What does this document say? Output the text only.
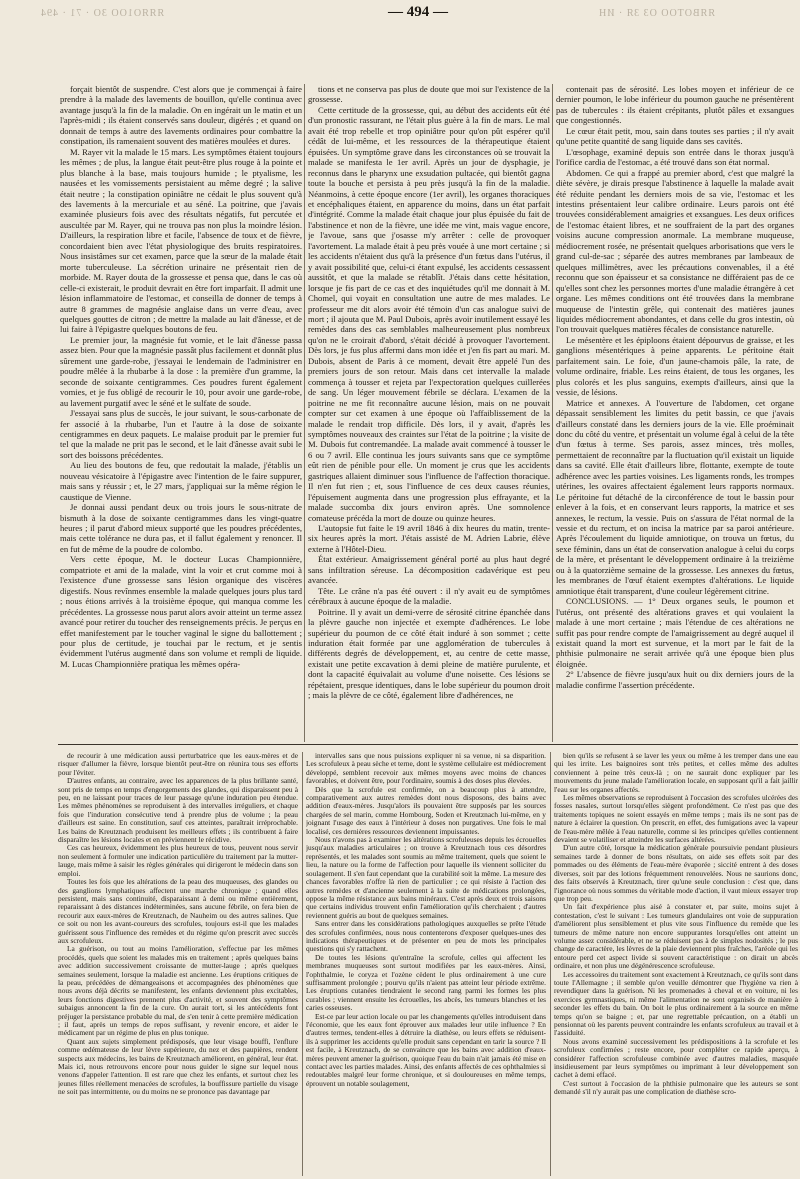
ЯЯЯО1ОО ЗО · 71 · 494	— 494 —	ЯЯВОТОО ОЗ ЗЯ · ИН

forçait bientôt de suspendre. C'est alors que je commençai à faire prendre à la malade des lavements de bouillon, qu'elle continua avec avantage jusqu'à la fin de la maladie. On en ingérait un le matin et un l'après-midi ; ils étaient conservés sans douleur, digérés ; et quand on donnait de temps à autre des lavements ordinaires pour combattre la constipation, ils ramenaient souvent des matières moulées et dures.

M. Rayer vit la malade le 15 mars. Les symptômes étaient toujours les mêmes ; de plus, la langue était peut-être plus rouge à la pointe et plus blanche à la base, mais toujours humide ; le ptyalisme, les nausées et les vomissements persistaient au même degré ; la salive était neutre ; la constipation opiniâtre ne cédait le plus souvent qu'à des lavements à la mercuriale et au séné. La poitrine, que j'avais examinée plusieurs fois avec des résultats négatifs, fut percutée et auscultée par M. Rayer, qui ne trouva pas non plus la moindre lésion. D'ailleurs, la respiration libre et facile, l'absence de toux et de fièvre, concordaient bien avec l'état physiologique des bruits respiratoires. Nous insistâmes sur cet examen, parce que la sœur de la malade était morte tuberculeuse. La sécrétion urinaire ne présentait rien de morbide. M. Rayer douta de la grossesse et pensa que, dans le cas où celle-ci existerait, le produit devrait en être fort imparfait. Il admit une lésion inflammatoire de l'estomac, et conseilla de donner de temps à autre 8 grammes de magnésie anglaise dans un verre d'eau, avec quelques gouttes de citron ; de mettre la malade au lait d'ânesse, et de lui faire à l'épigastre quelques boutons de feu.

Le premier jour, la magnésie fut vomie, et le lait d'ânesse passa assez bien. Pour que la magnésie passât plus facilement et donnât plus sûrement une garde-robe, j'essayai le lendemain de l'administrer en poudre mêlée à la rhubarbe à la dose : la première d'un gramme, la seconde de soixante centigrammes. Ces poudres furent également vomies, et je fus obligé de recourir le 10, pour avoir une garde-robe, au lavement purgatif avec le séné et le sulfate de soude.

J'essayai sans plus de succès, le jour suivant, le sous-carbonate de fer associé à la rhubarbe, l'un et l'autre à la dose de soixante centigrammes en deux paquets. Le malaise produit par le premier fut tel que la malade ne prit pas le second, et le lait d'ânesse avait subi le sort des boissons précédentes.

Au lieu des boutons de feu, que redoutait la malade, j'établis un nouveau vésicatoire à l'épigastre avec l'intention de le faire suppurer, mais sans y réussir ; et, le 27 mars, j'appliquai sur la même région le caustique de Vienne.

Je donnai aussi pendant deux ou trois jours le sous-nitrate de bismuth à la dose de soixante centigrammes dans les vingt-quatre heures ; il parut d'abord mieux supporté que les poudres précédentes, mais cette tolérance ne dura pas, et il fallut également y renoncer. Il en fut de même de la poudre de colombo.

Vers cette époque, M. le docteur Lucas Championnière, compatriote et ami de la malade, vint la voir et crut comme moi à l'existence d'une grossesse sans lésion organique des viscères digestifs. Nous revînmes ensemble la malade quelques jours plus tard ; nous étions arrivés à la troisième époque, qui manqua comme les précédentes. La grossesse nous parut alors avoir atteint un terme assez avancé pour retirer du toucher des renseignements précis. Je perçus en effet manifestement par le toucher vaginal le signe du ballottement ; pour plus de certitude, je touchai par le rectum, et je sentis évidemment l'utérus augmenté dans son volume et rempli de liquide. M. Lucas Championnière pratiqua les mêmes opéra-

tions et ne conserva pas plus de doute que moi sur l'existence de la grossesse.

Cette certitude de la grossesse, qui, au début des accidents eût été d'un pronostic rassurant, ne l'était plus guère à la fin de mars. Le mal avait été trop rebelle et trop opiniâtre pour qu'on pût espérer qu'il cédât de lui-même, et les ressources de la thérapeutique étaient épuisées. Un symptôme grave dans les circonstances où se trouvait la malade se manifesta le 1er avril. Après un jour de dysphagie, je reconnus dans le pharynx une exsudation pultacée, qui bientôt gagna toute la bouche et persista à peu près jusqu'à la fin de la maladie. Néanmoins, à cette époque encore (1er avril), les organes thoraciques et encéphaliques étaient, en apparence du moins, dans un état parfait d'intégrité. Comme la malade était chaque jour plus épuisée du fait de l'abstinence et non de la fièvre, une idée me vint, mais vague encore, je l'avoue, sans que j'osasse m'y arrêter : celle de provoquer l'avortement. La malade était à peu près vouée à une mort certaine ; si les accidents n'étaient dus qu'à la présence d'un fœtus dans l'utérus, il y avait possibilité que, celui-ci étant expulsé, les accidents cessassent aussitôt, et que la malade se rétablît. J'étais dans cette hésitation, lorsque je fis part de ce cas et des inquiétudes qu'il me donnait à M. Chomel, qui voyait en consultation une autre de mes malades. Le professeur me dit alors avoir été témoin d'un cas analogue suivi de mort ; il ajouta que M. Paul Dubois, après avoir inutilement essayé les remèdes dans des cas semblables malheureusement plus nombreux qu'on ne le croirait d'abord, s'était décidé à provoquer l'avortement. Dès lors, je fus plus affermi dans mon idée et j'en fis part au mari. M. Dubois, absent de Paris à ce moment, devait être appelé l'un des premiers jours de son retour. Mais dans cet intervalle la malade commença à tousser et rejeta par l'expectoration quelques cuillerées de sang. Un léger mouvement fébrile se déclara. L'examen de la poitrine ne me fit reconnaître aucune lésion, mais on ne pouvait compter sur cet examen à une époque où l'affaiblissement de la malade le rendait trop difficile. Dès lors, il y avait, d'après les symptômes nouveaux des craintes sur l'état de la poitrine ; la visite de M. Dubois fut contremandée. La malade avait commencé à tousser le 6 ou 7 avril. Elle continua les jours suivants sans que ce symptôme eût rien de pénible pour elle. Un moment je crus que les accidents gastriques allaient diminuer sous l'influence de l'affection thoracique. Il n'en fut rien ; et, sous l'influence de ces deux causes réunies, l'épuisement augmenta dans une progression plus effrayante, et la malade succomba dix jours environ après. Une somnolence comateuse précéda la mort de douze ou quinze heures.

L'autopsie fut faite le 19 avril 1846 à dix heures du matin, trente-six heures après la mort. J'étais assisté de M. Adrien Labrie, élève externe à l'Hôtel-Dieu.

État extérieur. Amaigrissement général porté au plus haut degré sans infiltration séreuse. La décomposition cadavérique est peu avancée.

Tête. Le crâne n'a pas été ouvert : il n'y avait eu de symptômes cérébraux à aucune époque de la maladie.

Poitrine. Il y avait un demi-verre de sérosité citrine épanchée dans la plèvre gauche non injectée et exempte d'adhérences. Le lobe supérieur du poumon de ce côté était induré à son sommet ; cette induration était formée par une agglomération de tubercules à différents degrés de développement, et, au centre de cette masse, existait une petite excavation à demi pleine de matière purulente, et dont la capacité équivalait au volume d'une noisette. Ces lésions se répétaient, presque identiques, dans le lobe supérieur du poumon droit ; mais la plèvre de ce côté, également libre d'adhérences, ne

contenait pas de sérosité. Les lobes moyen et inférieur de ce dernier poumon, le lobe inférieur du poumon gauche ne présentèrent pas de tubercules : ils étaient crépitants, plutôt pâles et exsangues que congestionnés.

Le cœur était petit, mou, sain dans toutes ses parties ; il n'y avait qu'une petite quantité de sang liquide dans ses cavités.

L'œsophage, examiné depuis son entrée dans le thorax jusqu'à l'orifice cardia de l'estomac, a été trouvé dans son état normal.

Abdomen. Ce qui a frappé au premier abord, c'est que malgré la diète sévère, je dirais presque l'abstinence à laquelle la malade avait été réduite pendant les derniers mois de sa vie, l'estomac et les intestins présentaient leur calibre ordinaire. Leurs parois ont été trouvées considérablement amaigries et exsangues. Les deux orifices de l'estomac étaient libres, et ne souffraient de la part des organes voisins aucune compression anormale. La membrane muqueuse, médiocrement rosée, ne présentait quelques arborisations que vers le grand cul-de-sac ; séparée des autres membranes par lambeaux de quelques millimètres, avec les précautions convenables, il a été reconnu que son épaisseur et sa consistance ne différaient pas de ce qu'elles sont chez les personnes mortes d'une maladie étrangère à cet organe. Les mêmes conditions ont été trouvées dans la membrane muqueuse de l'intestin grêle, qui contenait des matières jaunes liquides médiocrement abondantes, et dans celle du gros intestin, où l'on trouvait quelques matières fécales de consistance naturelle.

Le mésentère et les épiploons étaient dépourvus de graisse, et les ganglions mésentériques à peine apparents. Le péritoine était parfaitement sain. Le foie, d'un jaune-chamois pâle, la rate, de volume ordinaire, friable. Les reins étaient, de tous les organes, les plus colorés et les plus sanguins, exempts d'ailleurs, ainsi que la vessie, de lésions.

Matrice et annexes. A l'ouverture de l'abdomen, cet organe dépassait sensiblement les limites du petit bassin, ce que j'avais d'ailleurs constaté dans les derniers jours de la vie. Elle proéminait donc du côté du ventre, et présentait un volume égal à celui de la tête d'un fœtus à terme. Ses parois, assez minces, très molles, permettaient de reconnaître par la fluctuation qu'il existait un liquide dans sa cavité. Elle était d'ailleurs libre, flottante, exempte de toute adhérence avec les parties voisines. Les ligaments ronds, les trompes utérines, les ovaires affectaient également leurs rapports normaux. Le péritoine fut détaché de la circonférence de tout le bassin pour enlever à la fois, et en conservant leurs rapports, la matrice et ses annexes, le rectum, la vessie. Puis on s'assura de l'état normal de la vessie et du rectum, et on incisa la matrice par sa paroi antérieure. Après l'écoulement du liquide amniotique, on trouva un fœtus, du sexe féminin, dans un état de conservation analogue à celui du corps de la mère, et présentant le développement ordinaire à la treizième ou à la quatorzième semaine de la grossesse. Les annexes du fœtus, les membranes de l'œuf étaient exemptes d'altérations. Le liquide amniotique était transparent, d'une couleur légèrement citrine.

CONCLUSIONS. — 1° Deux organes seuls, le poumon et l'utérus, ont présenté des altérations graves et qui voulaient la malade à une mort certaine ; mais l'étendue de ces altérations ne suffit pas pour rendre compte de l'amaigrissement au degré auquel il existait quand la mort est survenue, et la mort par le fait de la phthisie pulmonaire ne serait arrivée qu'à une époque bien plus éloignée.

2° L'absence de fièvre jusqu'aux huit ou dix derniers jours de la maladie confirme l'assertion précédente.

de recourir à une médication aussi perturbatrice que les eaux-mères et de risquer d'allumer la fièvre, lorsque bientôt peut-être on réunira tous ses efforts pour l'éviter.

D'autres enfants, au contraire, avec les apparences de la plus brillante santé, sont pris de temps en temps d'engorgements des glandes, qui disparaissent peu à peu, en ne laissant pour traces de leur passage qu'une induration peu étendue. Les mêmes phénomènes se reproduisent à des intervalles irréguliers, et chaque fois que l'induration consécutive tend à prendre plus de volume ; la peau d'ailleurs est saine. En constitution, sauf ces atteintes, paraîtrait irréprochable. Les bains de Kreutznach produisent les meilleurs effets ; ils contribuent à faire disparaître les lésions locales et en préviennent le récidive.

Ces cas heureux, évidemment les plus heureux de tous, peuvent nous servir non seulement à formuler une indication particulière du traitement par la mutter-lauge, mais même à saisir les règles générales qui dirigeront le médecin dans son emploi.

Toutes les fois que les altérations de la peau des muqueuses, des glandes ou des ganglions lymphatiques affectent une marche chronique ; quand elles persistent, mais sans continuité, disparaissant à demi ou même entièrement, reparaissant à des distances indéterminées, sans aucune fébrile, on fera bien de recourir aux eaux-mères de Kreutznach, de Nauheim ou des autres salines. Que ce soit ou non les avant-coureurs des scrofules, toujours est-il que les malades guérissent sous l'influence des remèdes et du régime qu'on prescrit avec succès aux scrofuleux.

La guérison, ou tout au moins l'amélioration, s'effectue par les mêmes procédés, quels que soient les malades mis en traitement ; après quelques bains avec addition successivement croissante de mutter-lauge ; après quelques semaines seulement, lorsque la maladie est ancienne. Les éruptions critiques de la peau, précédées de démangeaisons et accompagnées des phénomènes que nous avons déjà décrits se manifestent, les enfants deviennent plus excitables, leurs fonctions digestives prennent plus d'activité, et souvent des symptômes subaigus annoncent la fin de la cure. On aurait tort, si les antécédents font préjuger la persistance probable du mal, de s'en tenir à cette première médication ; il faut, après un temps de repos suffisant, y revenir encore, et aider le médicament par un régime de plus en plus tonique.

Quant aux sujets simplement prédisposés, que leur visage bouffi, l'enflure comme œdémateuse de leur lèvre supérieure, du nez et des paupières, rendent suspects aux médecins, les bains de Kreutznach améliorent, en général, leur état. Mais ici, nous retrouvons encore pour nous guider le signe sur lequel nous venons d'appeler l'attention. Il est rare que chez les enfants, et surtout chez les jeunes filles réellement menacées de scrofules, la bouffissure partielle du visage ne soit pas intermittente, ou du moins ne se prononce pas davantage par

intervalles sans que nous puissions expliquer ni sa venue, ni sa disparition. Les scrofuleux à peau sèche et terne, dont le système cellulaire est médiocrement développé, semblent recevoir aux mêmes moyens avec moins de chances favorables, et doivent être, pour l'ordinaire, soumis à des doses plus élevées.

Dès que la scrofule est confirmée, on a beaucoup plus à attendre, comparativement aux autres remèdes dont nous disposons, des bains avec addition d'eaux-mères. Jusqu'alors ils pouvaient être supposés par les sources chargées de sel marin, comme Hombourg, Soden et Kreutznach lui-même, en y joignant l'usage des eaux à l'intérieur à doses non purgatives. Une fois le mal localisé, ces dernières ressources deviennent impuissantes.

Nous n'avons pas à examiner les altérations scrofuleuses depuis les écrouelles jusqu'aux maladies articulaires ; on trouve à Kreutznach tous ces désordres représentés, et les malades sont soumis au même traitement, quels que soient le lieu, la nature ou la forme de l'affection pour laquelle ils viennent solliciter du soulagement. Il s'en faut cependant que la curabilité soit la même. La mesure des chances favorables n'offre là rien de particulier ; ce qui résiste à l'action des autres remèdes et d'ancienne seulement à la suite de médications prolongées, oppose la même résistance aux bains minéraux. C'est après deux et trois saisons que certains individus trouvent enfin l'amélioration qu'ils cherchaient ; d'autres reviennent guéris au bout de quelques semaines.

Sans entrer dans les considérations pathologiques auxquelles se prête l'étude des scrofules confirmées, nous nous contenterons d'exposer quelques-unes des indications thérapeutiques et de présenter en peu de mots les principales questions qui s'y rattachent.

De toutes les lésions qu'entraîne la scrofule, celles qui affectent les membranes muqueuses sont surtout modifiées par les eaux-mères. Ainsi, l'ophthalmie, le coryza et l'ozène cèdent le plus ordinairement à une cure suffisamment prolongée ; pourvu qu'ils n'aient pas atteint leur période extrême. Les éruptions cutanées tiendraient le second rang parmi les formes les plus curables ; viennent ensuite les écrouelles, les abcès, les tumeurs blanches et les caries osseuses.

Est-ce par leur action locale ou par les changements qu'elles introduisent dans l'économie, que les eaux font éprouver aux malades leur utile influence ? En d'autres termes, tendent-elles à détruire la diathèse, ou leurs effets se réduisent-ils à supprimer les accidents qu'elle produit sans cependant en tarir la source ? Il est facile, à Kreutznach, de se convaincre que les bains avec addition d'eaux-mères peuvent amener la guérison, quoique l'eau du bain n'ait jamais été mise en contact avec les parties malades. Ainsi, des enfants affectés de ces ophthalmies si redoutables malgré leur forme chronique, et si douloureuses en même temps, éprouvent un notable soulagement,

bien qu'ils se refusent à se laver les yeux ou même à les tremper dans une eau qui les irrite. Les baignoires sont très petites, et celles même des adultes conviennent à peine très ceux-là ; on ne saurait donc expliquer par les mouvements du jeune malade l'amélioration locale, en supposant qu'il a fait jaillir l'eau sur les organes affectés.

Les mêmes observations se reproduisent à l'occasion des scrofules ulcérées des fosses nasales, surtout lorsqu'elles siègent profondément. Ce n'est pas que des traitements topiques ne soient essayés en même temps ; mais ils ne sont pas de nature à éclairer la question. On prescrit, en effet, des fumigations avec la vapeur de l'eau-mère mêlée à l'eau naturelle, comme si les principes qu'elles contiennent devaient se volatiliser et atteindre les surfaces altérées.

D'un autre côté, lorsque la médication générale poursuivie pendant plusieurs semaines tarde à donner de bons résultats, on aide ses effets soit par des pommades ou des éléments de l'eau-mère évaporée ; siccité entrent à des doses diverses, soit par des lotions fréquemment renouvelées. Nous ne saurions donc, des faits observés à Kreutznach, tirer qu'une seule conclusion : c'est que, dans l'ignorance où nous sommes du véritable mode d'action, il vaut mieux essayer trop que trop peu.

Un fait d'expérience plus aisé à constater et, par suite, moins sujet à contestation, c'est le suivant : Les tumeurs glandulaires ont voie de suppuration d'améliorent plus sensiblement et plus vite sous l'influence du remède que les tumeurs de même nature non encore suppurantes lorsqu'elles ont atteint un volume assez considérable, et ne se réduisent pas à de simples nodosités ; le pus change de caractère, les lèvres de la plaie deviennent plus fraîches, l'aréole qui les entoure perd cet aspect livide si souvent caractéristique : on dirait un abcès ordinaire, et non plus une dégénérescence scrofuleuse.

Les accessoires du traitement sont exactement à Kreutznach, ce qu'ils sont dans toute l'Allemagne ; il semble qu'on veuille démontrer que l'hygiène va rien à revendiquer dans la guérison. Ni les promenades à cheval et en voiture, ni les exercices gymnastiques, ni même l'alimentation ne sont organisés de manière à seconder les effets du bain. On boit le plus ordinairement à la source en même temps qu'on se baigne ; et, par une regrettable précaution, on a établi un pensionnat où les parents peuvent contraindre les enfants scrofuleux au travail et à l'assiduité.

Nous avons examiné successivement les prédispositions à la scrofule et les scrofuleux confirmées ; reste encore, pour compléter ce rapide aperçu, à considérer l'affection scrofuleuse combinée avec d'autres maladies, masquée insidieusement par leurs symptômes ou imprimant à leur développement son cachet à demi effacé.

C'est surtout à l'occasion de la phthisie pulmonaire que les auteurs se sont demandé s'il n'y aurait pas une complication de diathèse scro-
